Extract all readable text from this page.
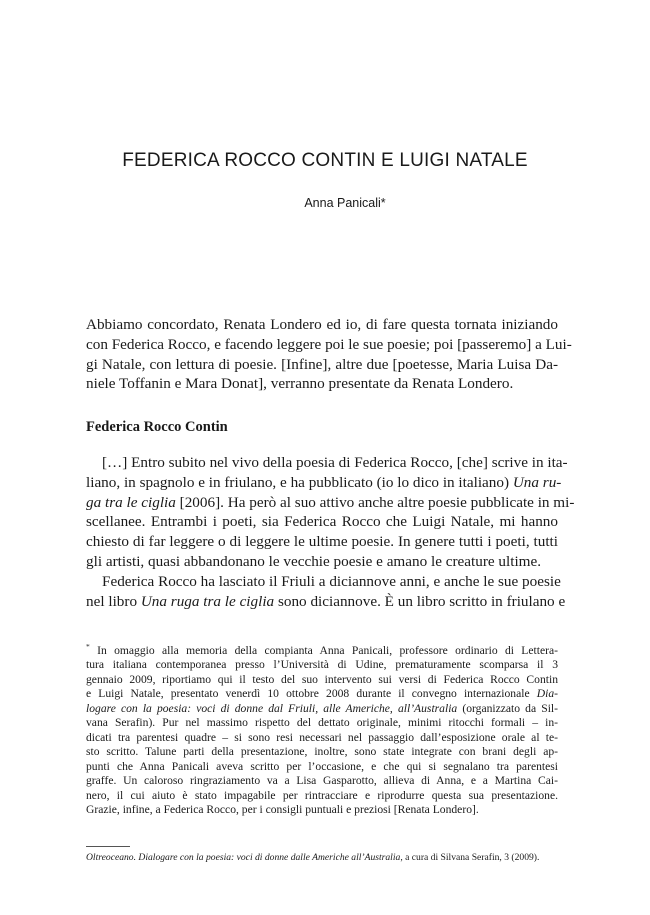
FEDERICA ROCCO CONTIN E LUIGI NATALE
Anna Panicali*
Abbiamo concordato, Renata Londero ed io, di fare questa tornata iniziando
con Federica Rocco, e facendo leggere poi le sue poesie; poi [passeremo] a Lui-
gi Natale, con lettura di poesie. [Infine], altre due [poetesse, Maria Luisa Da-
niele Toffanin e Mara Donat], verranno presentate da Renata Londero.
Federica Rocco Contin
[…] Entro subito nel vivo della poesia di Federica Rocco, [che] scrive in ita-
liano, in spagnolo e in friulano, e ha pubblicato (io lo dico in italiano) Una ru-
ga tra le ciglia [2006]. Ha però al suo attivo anche altre poesie pubblicate in mi-
scellanee. Entrambi i poeti, sia Federica Rocco che Luigi Natale, mi hanno
chiesto di far leggere o di leggere le ultime poesie. In genere tutti i poeti, tutti
gli artisti, quasi abbandonano le vecchie poesie e amano le creature ultime.
Federica Rocco ha lasciato il Friuli a diciannove anni, e anche le sue poesie
nel libro Una ruga tra le ciglia sono diciannove. È un libro scritto in friulano e
* In omaggio alla memoria della compianta Anna Panicali, professore ordinario di Lettera-
tura italiana contemporanea presso l’Università di Udine, prematuramente scomparsa il 3
gennaio 2009, riportiamo qui il testo del suo intervento sui versi di Federica Rocco Contin
e Luigi Natale, presentato venerdì 10 ottobre 2008 durante il convegno internazionale Dia-
logare con la poesia: voci di donne dal Friuli, alle Americhe, all’Australia (organizzato da Sil-
vana Serafin). Pur nel massimo rispetto del dettato originale, minimi ritocchi formali – in-
dicati tra parentesi quadre – si sono resi necessari nel passaggio dall’esposizione orale al te-
sto scritto. Talune parti della presentazione, inoltre, sono state integrate con brani degli ap-
punti che Anna Panicali aveva scritto per l’occasione, e che qui si segnalano tra parentesi
graffe. Un caloroso ringraziamento va a Lisa Gasparotto, allieva di Anna, e a Martina Cai-
nero, il cui aiuto è stato impagabile per rintracciare e riprodurre questa sua presentazione.
Grazie, infine, a Federica Rocco, per i consigli puntuali e preziosi [Renata Londero].
Oltreoceano. Dialogare con la poesia: voci di donne dalle Americhe all’Australia, a cura di Silvana Serafin, 3 (2009).
